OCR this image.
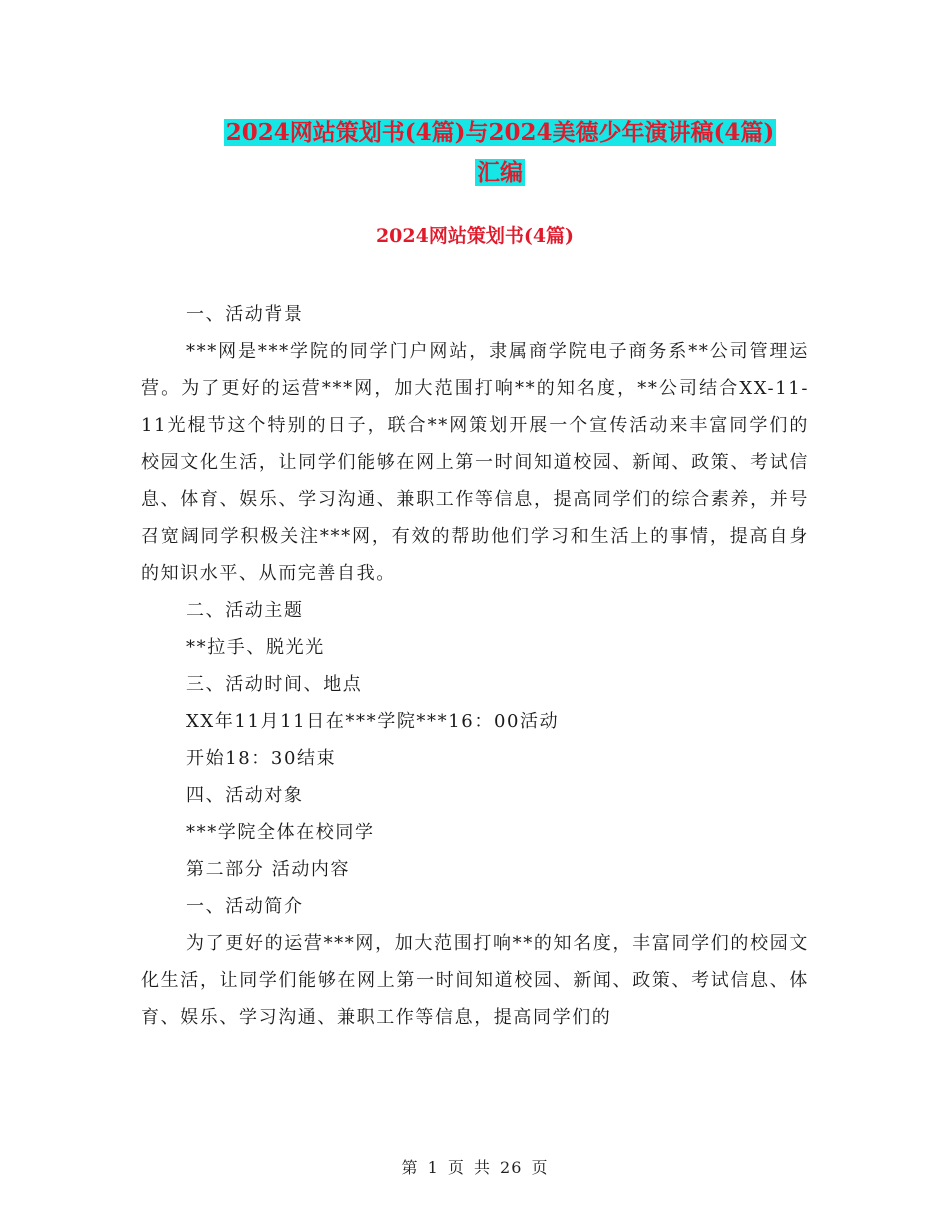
2024网站策划书(4篇)与2024美德少年演讲稿(4篇)
汇编
2024网站策划书(4篇)

一、活动背景

***网是***学院的同学门户网站，隶属商学院电子商务系**公司管理运营。为了更好的运营***网，加大范围打响**的知名度，**公司结合XX-11-11光棍节这个特别的日子，联合**网策划开展一个宣传活动来丰富同学们的校园文化生活，让同学们能够在网上第一时间知道校园、新闻、政策、考试信息、体育、娱乐、学习沟通、兼职工作等信息，提高同学们的综合素养，并号召宽阔同学积极关注***网，有效的帮助他们学习和生活上的事情，提高自身的知识水平、从而完善自我。

二、活动主题

**拉手、脱光光

三、活动时间、地点

XX年11月11日在***学院***16：00活动

开始18：30结束

四、活动对象

***学院全体在校同学

第二部分 活动内容

一、活动简介

为了更好的运营***网，加大范围打响**的知名度，丰富同学们的校园文化生活，让同学们能够在网上第一时间知道校园、新闻、政策、考试信息、体育、娱乐、学习沟通、兼职工作等信息，提高同学们的

第 1 页 共 26 页
